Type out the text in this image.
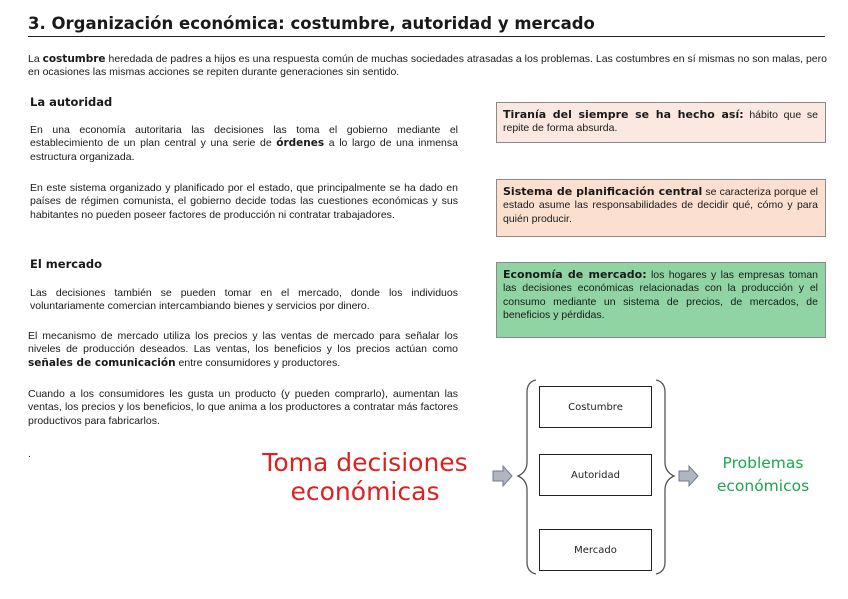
3. Organización económica: costumbre, autoridad y mercado
La costumbre heredada de padres a hijos es una respuesta común de muchas sociedades atrasadas a los problemas. Las costumbres en sí mismas no son malas, pero en ocasiones las mismas acciones se repiten durante generaciones sin sentido.
La autoridad
En una economía autoritaria las decisiones las toma el gobierno mediante el establecimiento de un plan central y una serie de órdenes a lo largo de una inmensa estructura organizada.
En este sistema organizado y planificado por el estado, que principalmente se ha dado en países de régimen comunista, el gobierno decide todas las cuestiones económicas y sus habitantes no pueden poseer factores de producción ni contratar trabajadores.
El mercado
Las decisiones también se pueden tomar en el mercado, donde los individuos voluntariamente comercian intercambiando bienes y servicios por dinero.
El mecanismo de mercado utiliza los precios y las ventas de mercado para señalar los niveles de producción deseados. Las ventas, los beneficios y los precios actúan como señales de comunicación entre consumidores y productores.
Cuando a los consumidores les gusta un producto (y pueden comprarlo), aumentan las ventas, los precios y los beneficios, lo que anima a los productores a contratar más factores productivos para fabricarlos.
.
Tiranía del siempre se ha hecho así: hábito que se repite de forma absurda.
Sistema de planificación central se caracteriza porque el estado asume las responsabilidades de decidir qué, cómo y para quién producir.
Economía de mercado: los hogares y las empresas toman las decisiones económicas relacionadas con la producción y el consumo mediante un sistema de precios, de mercados, de beneficios y pérdidas.
Toma decisiones
económicas
Costumbre
Autoridad
Mercado
Problemas
económicos
